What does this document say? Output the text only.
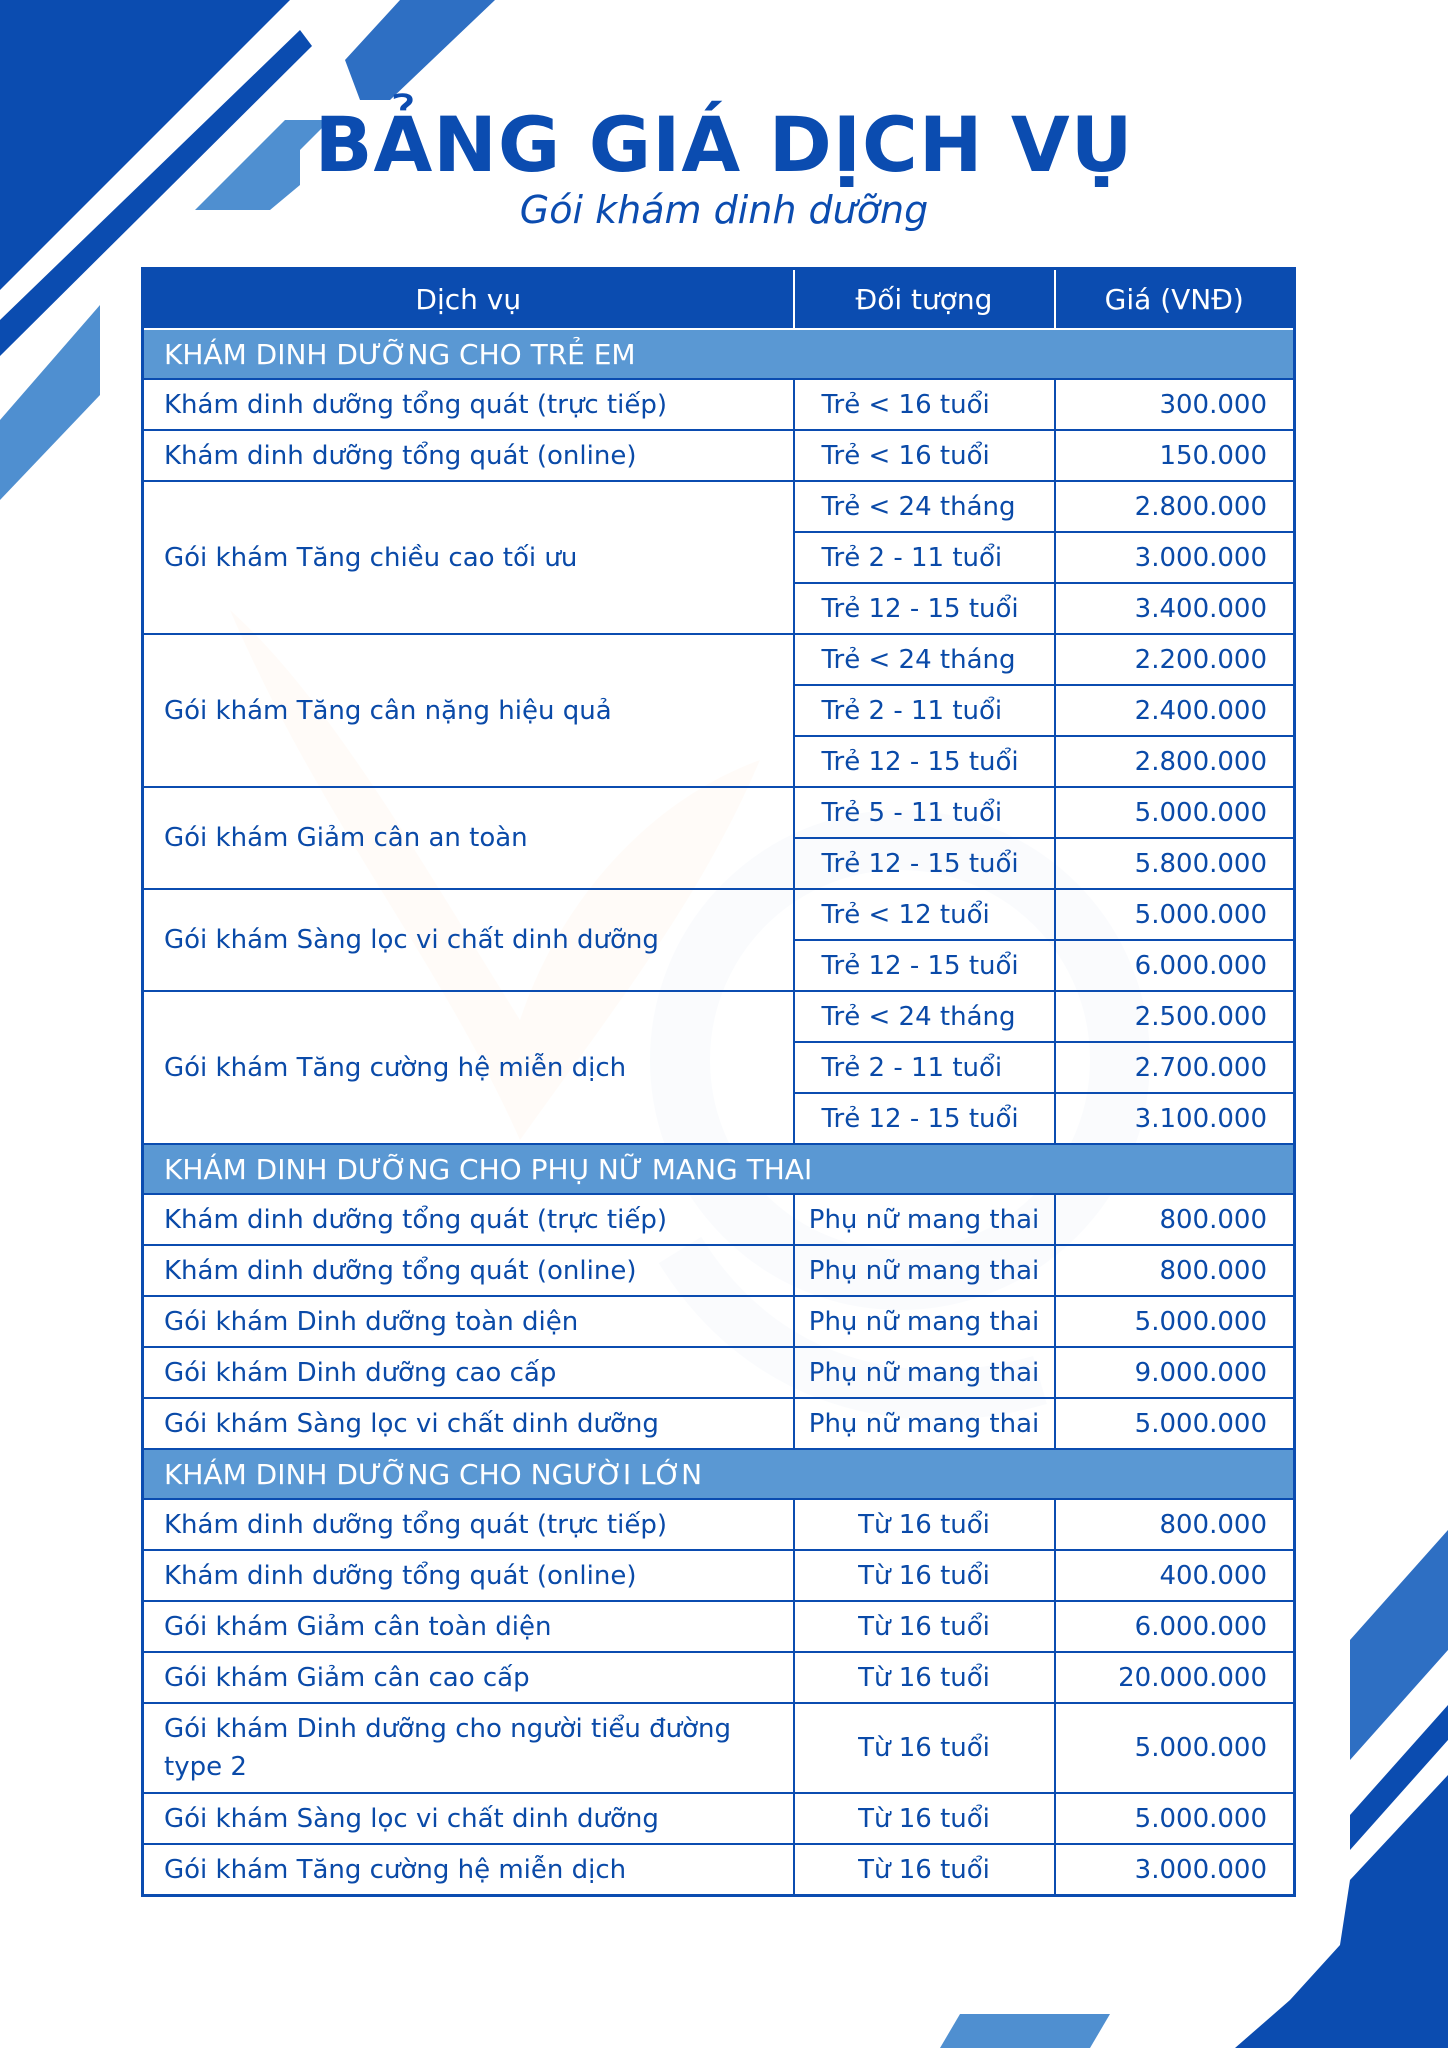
BẢNG GIÁ DỊCH VỤ
Gói khám dinh dưỡng
Dịch vụ	Đối tượng	Giá (VNĐ)
KHÁM DINH DƯỠNG CHO TRẺ EM		
Khám dinh dưỡng tổng quát (trực tiếp)	Trẻ < 16 tuổi	300.000
Khám dinh dưỡng tổng quát (online)	Trẻ < 16 tuổi	150.000
Gói khám Tăng chiều cao tối ưu	Trẻ < 24 tháng	2.800.000
	Trẻ 2 - 11 tuổi	3.000.000
	Trẻ 12 - 15 tuổi	3.400.000
Gói khám Tăng cân nặng hiệu quả	Trẻ < 24 tháng	2.200.000
	Trẻ 2 - 11 tuổi	2.400.000
	Trẻ 12 - 15 tuổi	2.800.000
Gói khám Giảm cân an toàn	Trẻ 5 - 11 tuổi	5.000.000
	Trẻ 12 - 15 tuổi	5.800.000
Gói khám Sàng lọc vi chất dinh dưỡng	Trẻ < 12 tuổi	5.000.000
	Trẻ 12 - 15 tuổi	6.000.000
Gói khám Tăng cường hệ miễn dịch	Trẻ < 24 tháng	2.500.000
	Trẻ 2 - 11 tuổi	2.700.000
	Trẻ 12 - 15 tuổi	3.100.000
KHÁM DINH DƯỠNG CHO PHỤ NỮ MANG THAI		
Khám dinh dưỡng tổng quát (trực tiếp)	Phụ nữ mang thai	800.000
Khám dinh dưỡng tổng quát (online)	Phụ nữ mang thai	800.000
Gói khám Dinh dưỡng toàn diện	Phụ nữ mang thai	5.000.000
Gói khám Dinh dưỡng cao cấp	Phụ nữ mang thai	9.000.000
Gói khám Sàng lọc vi chất dinh dưỡng	Phụ nữ mang thai	5.000.000
KHÁM DINH DƯỠNG CHO NGƯỜI LỚN		
Khám dinh dưỡng tổng quát (trực tiếp)	Từ 16 tuổi	800.000
Khám dinh dưỡng tổng quát (online)	Từ 16 tuổi	400.000
Gói khám Giảm cân toàn diện	Từ 16 tuổi	6.000.000
Gói khám Giảm cân cao cấp	Từ 16 tuổi	20.000.000
Gói khám Dinh dưỡng cho người tiểu đường type 2	Từ 16 tuổi	5.000.000
Gói khám Sàng lọc vi chất dinh dưỡng	Từ 16 tuổi	5.000.000
Gói khám Tăng cường hệ miễn dịch	Từ 16 tuổi	3.000.000
